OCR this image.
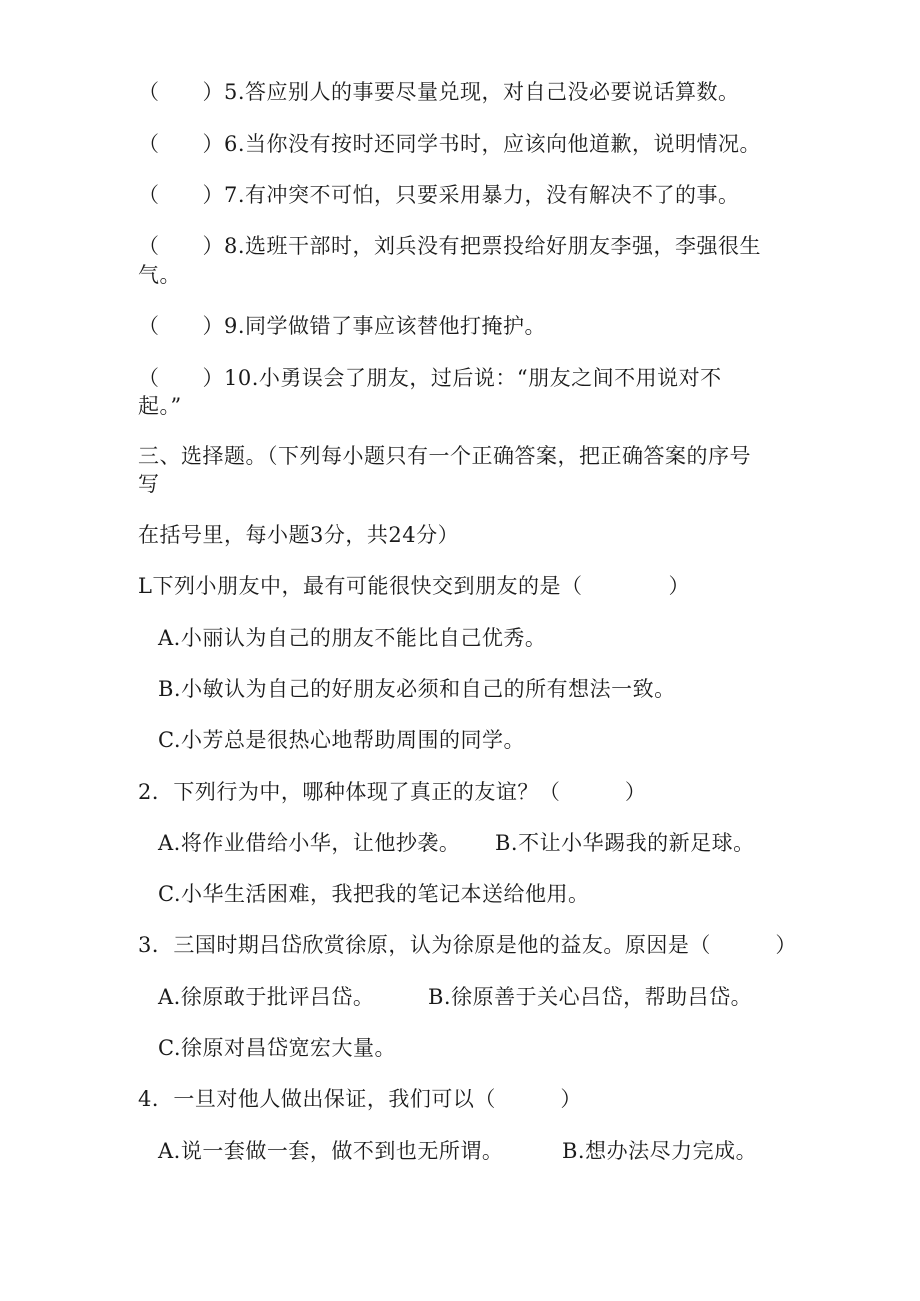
（　　）5.答应别人的事要尽量兑现，对自己没必要说话算数。
（　　）6.当你没有按时还同学书时，应该向他道歉，说明情况。
（　　）7.有冲突不可怕，只要采用暴力，没有解决不了的事。
（　　）8.选班干部时，刘兵没有把票投给好朋友李强，李强很生
气。
（　　）9.同学做错了事应该替他打掩护。
（　　）10.小勇误会了朋友，过后说：“朋友之间不用说对不
起。”
三、选择题。（下列每小题只有一个正确答案，把正确答案的序号
写
在括号里，每小题3分，共24分）
L下列小朋友中，最有可能很快交到朋友的是（　　　　）
A.小丽认为自己的朋友不能比自己优秀。
B.小敏认为自己的好朋友必须和自己的所有想法一致。
C.小芳总是很热心地帮助周围的同学。
2．下列行为中，哪种体现了真正的友谊？（　　　）
A.将作业借给小华，让他抄袭。 B.不让小华踢我的新足球。
C.小华生活困难，我把我的笔记本送给他用。
3．三国时期吕岱欣赏徐原，认为徐原是他的益友。原因是（　　　）
A.徐原敢于批评吕岱。	B.徐原善于关心吕岱，帮助吕岱。
C.徐原对昌岱宽宏大量。
4．一旦对他人做出保证，我们可以（　　　）
A.说一套做一套，做不到也无所谓。	B.想办法尽力完成。
